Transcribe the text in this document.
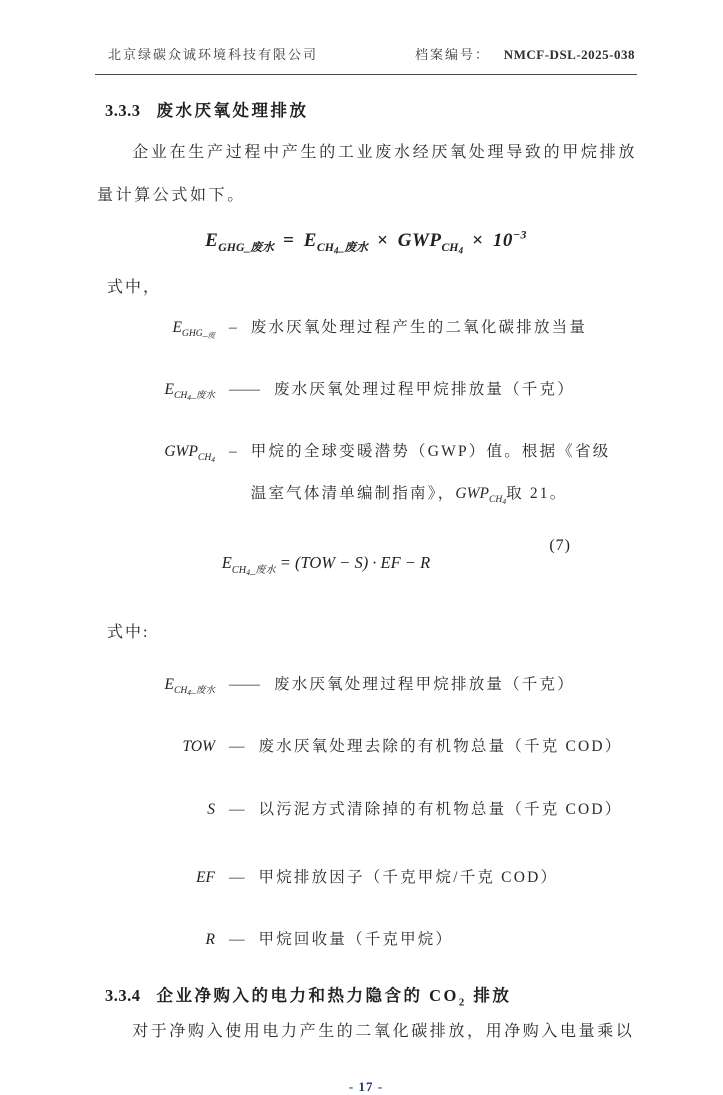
北京绿碳众诚环境科技有限公司	档案编号： NMCF-DSL-2025-038
3.3.3 废水厌氧处理排放

企业在生产过程中产生的工业废水经厌氧处理导致的甲烷排放量计算公式如下。

$E_{GHG\_废水} = E_{CH_4\_废水} \times GWP_{CH_4} \times 10^{-3}$
式中，
$E_{GHG\__废}$ – 废水厌氧处理过程产生的二氧化碳排放当量
$E_{CH_4\_废水}$ —— 废水厌氧处理过程甲烷排放量（千克）
$GWP_{CH_4}$ – 甲烷的全球变暖潜势（GWP）值。根据《省级
温室气体清单编制指南》，$GWP_{CH_4}$取 21。
(7)
$E_{CH_4\_废水} = (TOW - S)$ · EF − R
式中:
$E_{CH_4\_废水}$ —— 废水厌氧处理过程甲烷排放量（千克）
TOW — 废水厌氧处理去除的有机物总量（千克 COD）
S — 以污泥方式清除掉的有机物总量（千克 COD）
EF — 甲烷排放因子（千克甲烷/千克 COD）
R — 甲烷回收量（千克甲烷）
3.3.4 企业净购入的电力和热力隐含的 $CO_2$ 排放

对于净购入使用电力产生的二氧化碳排放，用净购入电量乘以

- 17 -
